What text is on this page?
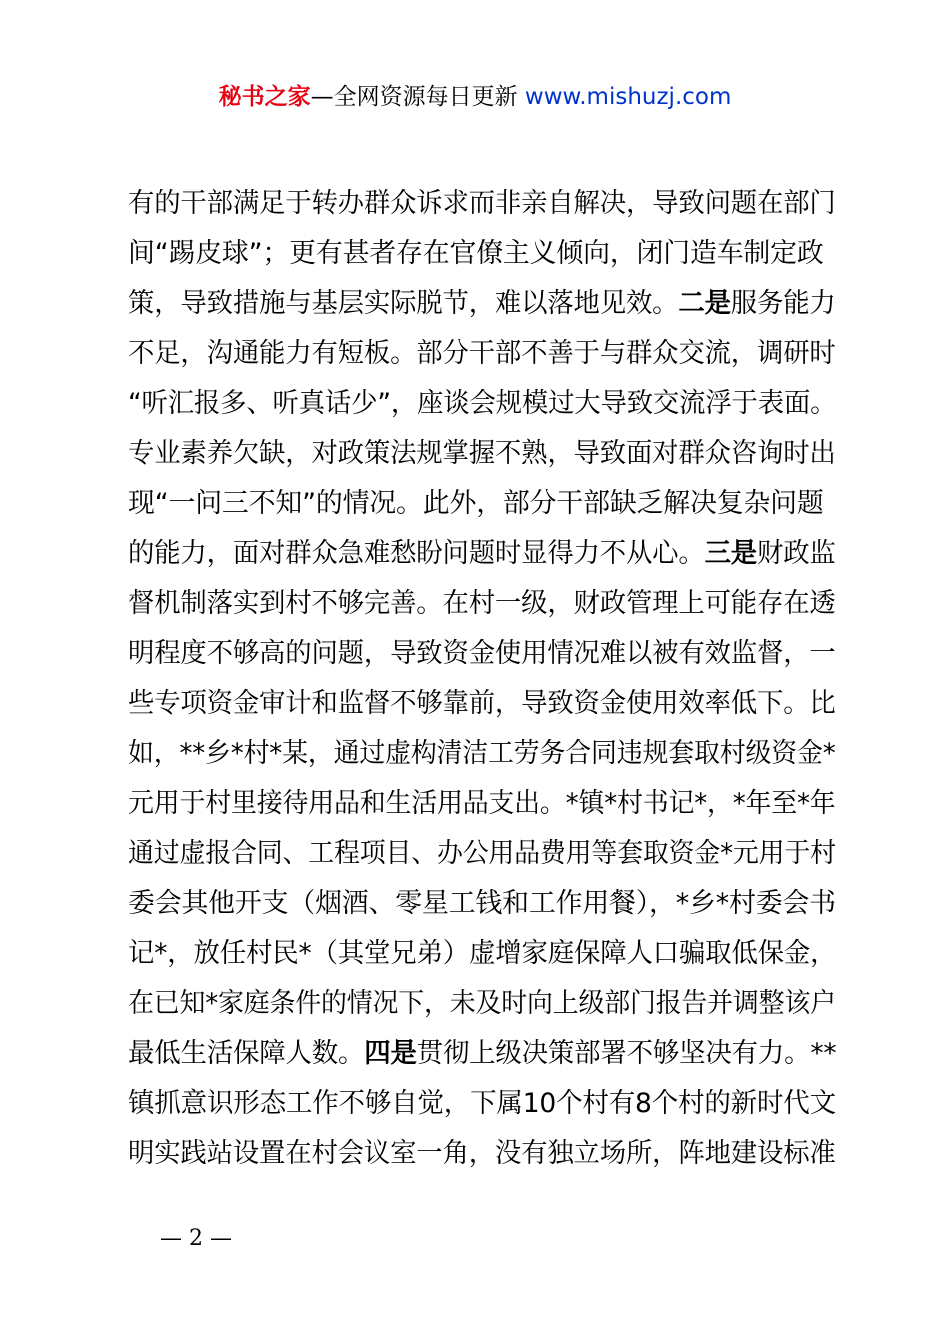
秘书之家—全网资源每日更新 www.mishuzj.com
有的干部满足于转办群众诉求而非亲自解决，导致问题在部门
间“踢皮球”；更有甚者存在官僚主义倾向，闭门造车制定政
策，导致措施与基层实际脱节，难以落地见效。二是服务能力
不足，沟通能力有短板。部分干部不善于与群众交流，调研时
“听汇报多、听真话少”，座谈会规模过大导致交流浮于表面。
专业素养欠缺，对政策法规掌握不熟，导致面对群众咨询时出
现“一问三不知”的情况。此外，部分干部缺乏解决复杂问题
的能力，面对群众急难愁盼问题时显得力不从心。三是财政监
督机制落实到村不够完善。在村一级，财政管理上可能存在透
明程度不够高的问题，导致资金使用情况难以被有效监督，一
些专项资金审计和监督不够靠前，导致资金使用效率低下。比
如，**乡*村*某，通过虚构清洁工劳务合同违规套取村级资金*
元用于村里接待用品和生活用品支出。*镇*村书记*，*年至*年
通过虚报合同、工程项目、办公用品费用等套取资金*元用于村
委会其他开支（烟酒、零星工钱和工作用餐），*乡*村委会书
记*，放任村民*（其堂兄弟）虚增家庭保障人口骗取低保金，
在已知*家庭条件的情况下，未及时向上级部门报告并调整该户
最低生活保障人数。四是贯彻上级决策部署不够坚决有力。**
镇抓意识形态工作不够自觉，下属10个村有8个村的新时代文
明实践站设置在村会议室一角，没有独立场所，阵地建设标准
— 2 —
